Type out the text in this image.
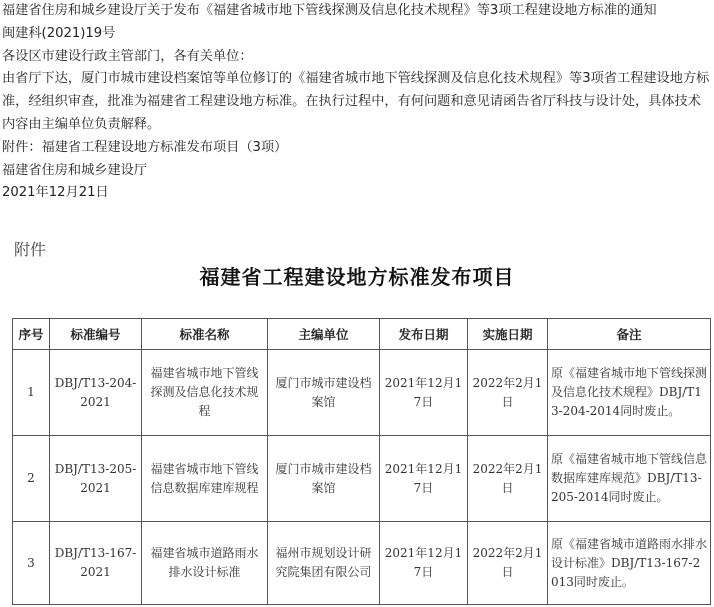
福建省住房和城乡建设厅关于发布《福建省城市地下管线探测及信息化技术规程》等3项工程建设地方标准的通知

闽建科(2021)19号

各设区市建设行政主管部门，各有关单位：

由省厅下达，厦门市城市建设档案馆等单位修订的《福建省城市地下管线探测及信息化技术规程》等3项省工程建设地方标准，经组织审查，批准为福建省工程建设地方标准。在执行过程中，有何问题和意见请函告省厅科技与设计处，具体技术内容由主编单位负责解释。

附件：福建省工程建设地方标准发布项目（3项）

福建省住房和城乡建设厅

2021年12月21日

附件
福建省工程建设地方标准发布项目
序号	标准编号	标准名称	主编单位	发布日期	实施日期	备注
1	DBJ/T13-204-2021	福建省城市地下管线探测及信息化技术规程	厦门市城市建设档案馆	2021年12月17日	2022年2月1日	原《福建省城市地下管线探测及信息化技术规程》DBJ/T13-204-2014同时废止。
2	DBJ/T13-205-2021	福建省城市地下管线信息数据库建库规程	厦门市城市建设档案馆	2021年12月17日	2022年2月1日	原《福建省城市地下管线信息数据库建库规范》DBJ/T13-205-2014同时废止。
3	DBJ/T13-167-2021	福建省城市道路雨水排水设计标准	福州市规划设计研究院集团有限公司	2021年12月17日	2022年2月1日	原《福建省城市道路雨水排水设计标准》DBJ/T13-167-2013同时废止。
